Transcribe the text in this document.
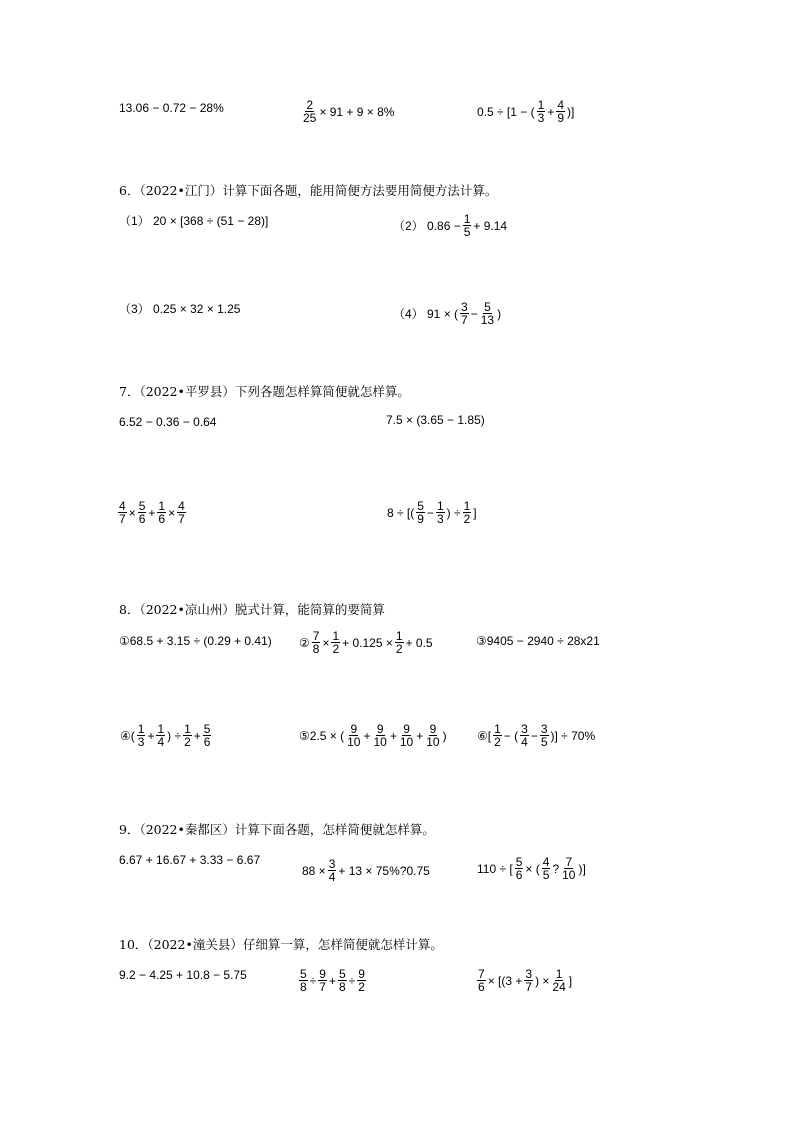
13.06 − 0.72 − 28%	$\frac{2}{25} \times 91 + 9 \times 8\%$	0.5 ÷ [1 − ( $\frac{1}{3} + \frac{4}{9}$ )]
6．（2022•江门）计算下面各题，能用简便方法要用简便方法计算。
（1） 20 × [368 ÷ (51 − 28)]	（2） $0.86 - \frac{1}{5} + 9.14$
（3） 0.25 × 32 × 1.25	（4） 91 × ( $\frac{3}{7} - \frac{5}{13}$ )
7．（2022•平罗县）下列各题怎样算简便就怎样算。
6.52 − 0.36 − 0.64	7.5 × (3.65 − 1.85)
$\frac{4}{7} \times \frac{5}{6} + \frac{1}{6} \times \frac{4}{7}$	8 ÷ [( $\frac{5}{9} - \frac{1}{3}$ ) ÷ $\frac{1}{2}$ ]
8．（2022•凉山州）脱式计算，能简算的要简算
①68.5 + 3.15 ÷ (0.29 + 0.41) ② $\frac{7}{8} \times \frac{1}{2} + 0.125 \times \frac{1}{2} + 0.5$	③9405 − 2940 ÷ 28x21
④( $\frac{1}{3} + \frac{1}{4}$ ) ÷ $\frac{1}{2} + \frac{5}{6}$	⑤2.5 × ( $\frac{9}{10} + \frac{9}{10} + \frac{9}{10} + \frac{9}{10}$ )	⑥[ $\frac{1}{2}$ − ( $\frac{3}{4} - \frac{3}{5}$ )] ÷ 70%
9．（2022•秦都区）计算下面各题，怎样简便就怎样算。
6.67 + 16.67 + 3.33 − 6.67
$88 \times \frac{3}{4} + 13$ × 75%?0.75	110 ÷ [ $\frac{5}{6}$ × ( $\frac{4}{5}$ ? $\frac{7}{10}$ )]
10．（2022•潼关县）仔细算一算，怎样简便就怎样计算。
9.2 − 4.25 + 10.8 − 5.75	$\frac{5}{8} \div \frac{9}{7} + \frac{5}{8} \div \frac{9}{2}$	$\frac{7}{6} \times [(3 + \frac{3}{7}$ ) × $\frac{1}{24}$ ]
